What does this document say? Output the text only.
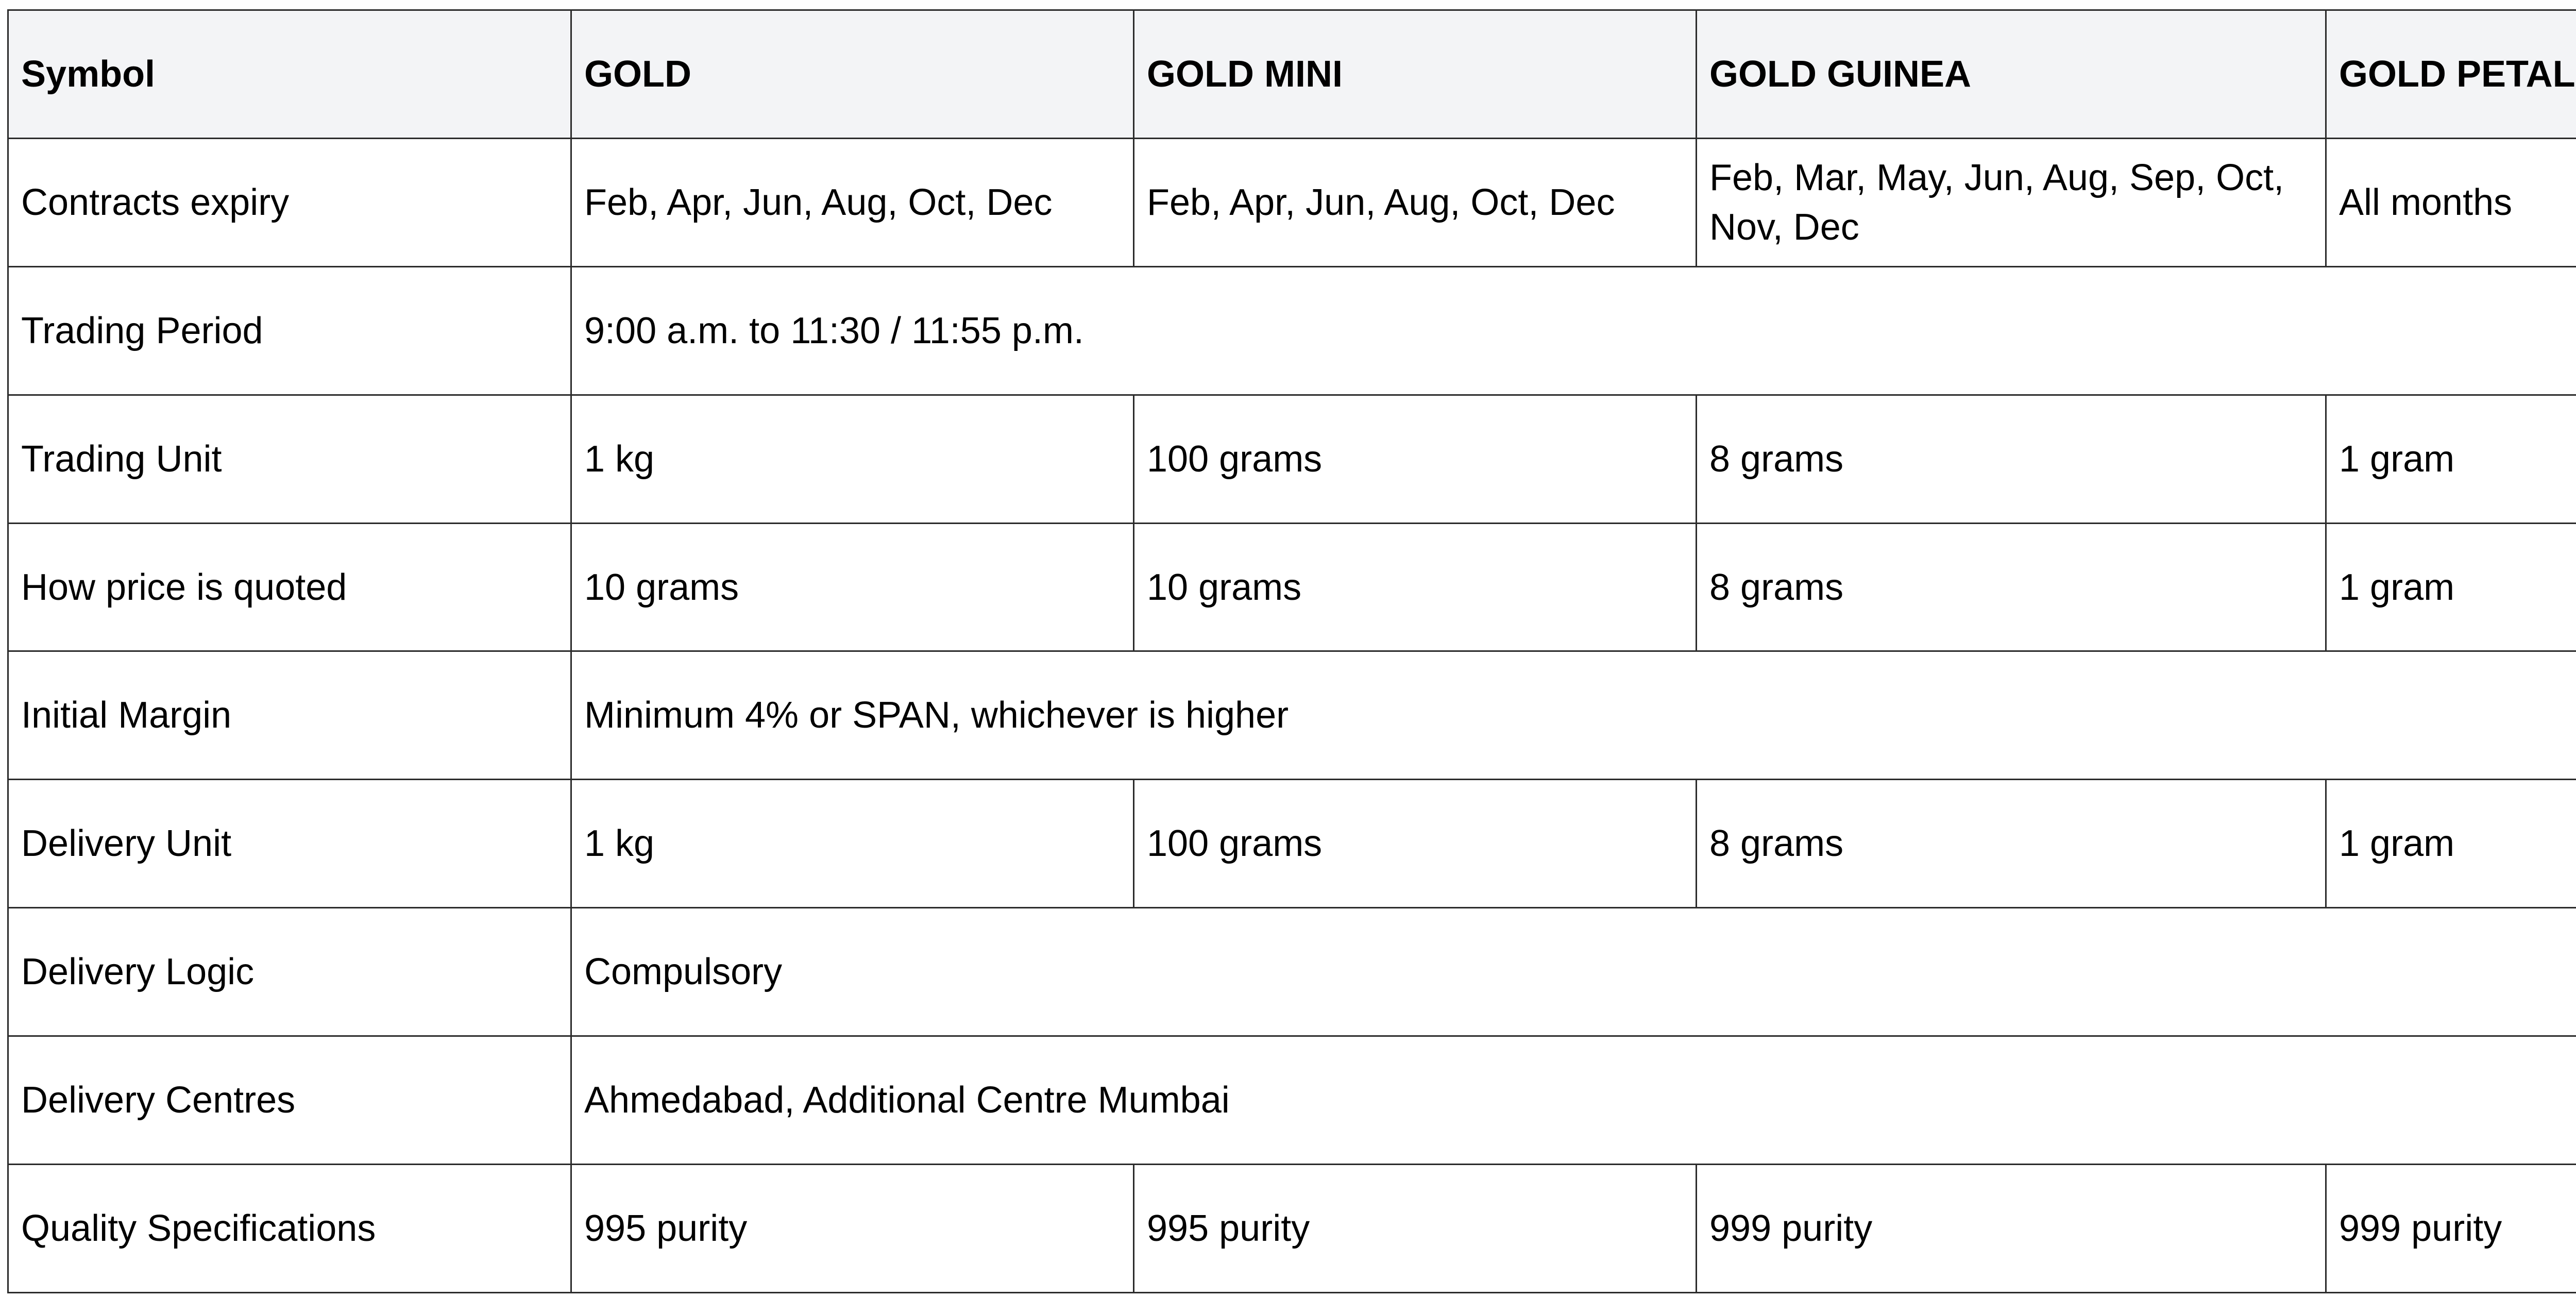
Symbol	GOLD	GOLD MINI	GOLD GUINEA	GOLD PETAL
Contracts expiry	Feb, Apr, Jun, Aug, Oct, Dec	Feb, Apr, Jun, Aug, Oct, Dec	Feb, Mar, May, Jun, Aug, Sep, Oct, Nov, Dec	All months
Trading Period	9:00 a.m. to 11:30 / 11:55 p.m.			
Trading Unit	1 kg	100 grams	8 grams	1 gram
How price is quoted	10 grams	10 grams	8 grams	1 gram
Initial Margin	Minimum 4% or SPAN, whichever is higher			
Delivery Unit	1 kg	100 grams	8 grams	1 gram
Delivery Logic	Compulsory			
Delivery Centres	Ahmedabad, Additional Centre Mumbai			
Quality Specifications	995 purity	995 purity	999 purity	999 purity
